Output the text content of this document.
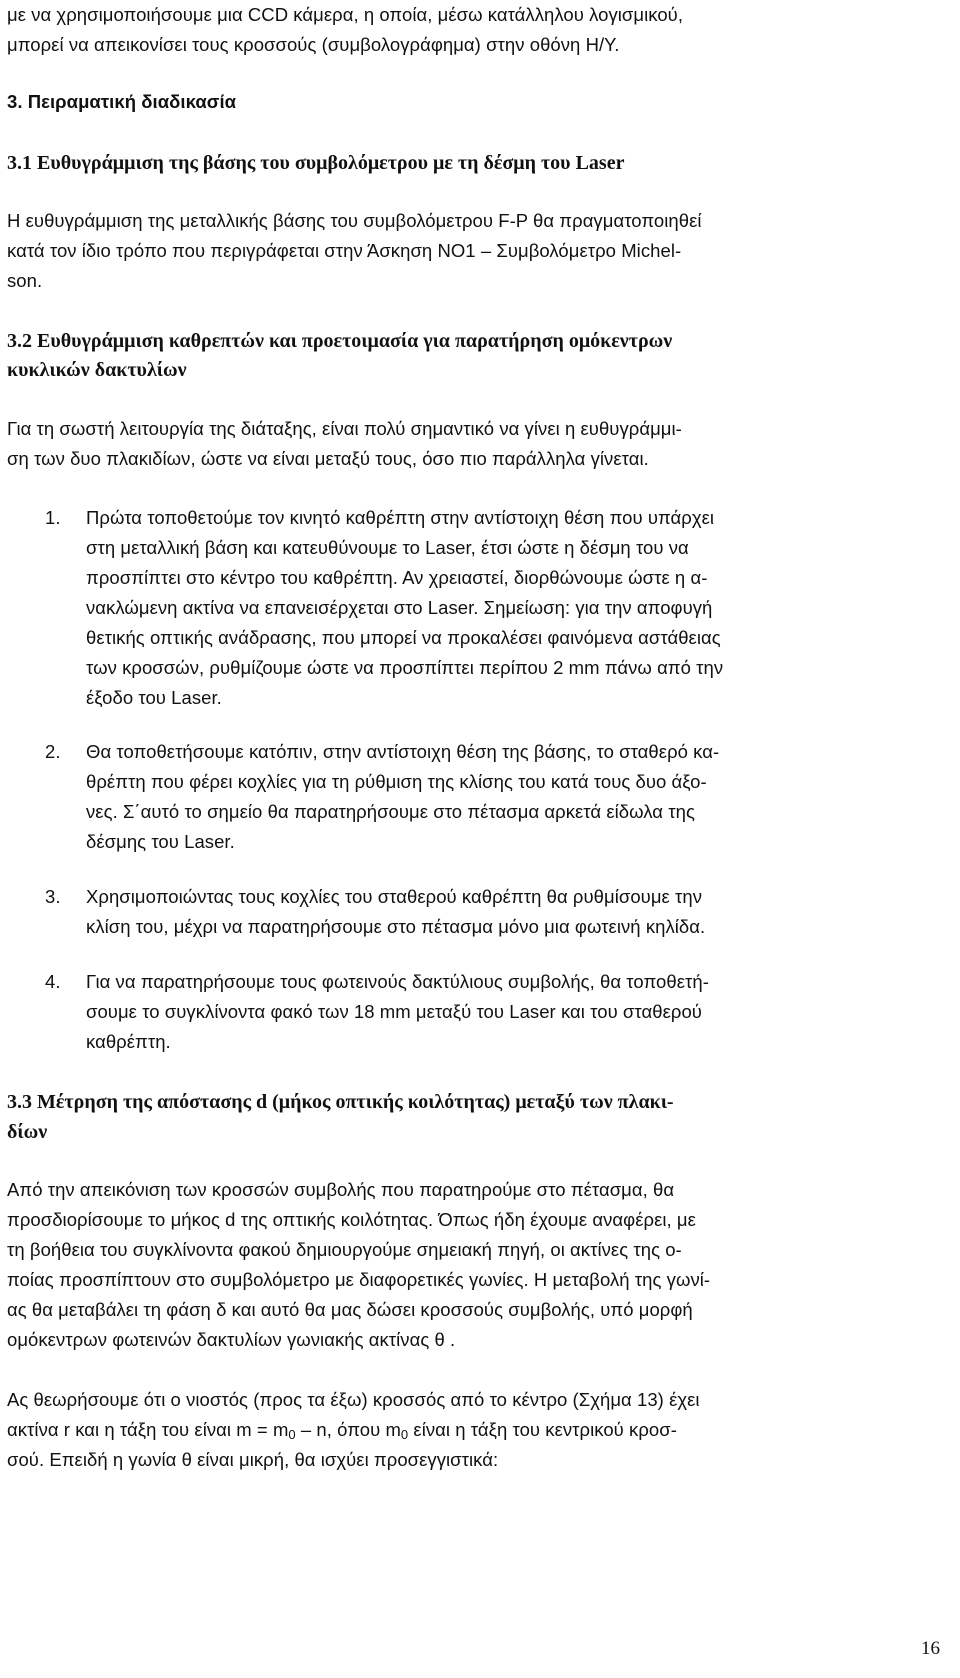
με να χρησιμοποιήσουμε μια CCD κάμερα, η οποία, μέσω κατάλληλου λογισμικού,
μπορεί να απεικονίσει τους κροσσούς (συμβολογράφημα) στην οθόνη Η/Υ.
3. Πειραματική διαδικασία
3.1 Ευθυγράμμιση της βάσης του συμβολόμετρου με τη δέσμη του Laser
Η ευθυγράμμιση της μεταλλικής βάσης του συμβολόμετρου F-P θα πραγματοποιηθεί
κατά τον ίδιο τρόπο που περιγράφεται στην Άσκηση ΝΟ1 – Συμβολόμετρο Michel-
son.
3.2 Ευθυγράμμιση καθρεπτών και προετοιμασία για παρατήρηση ομόκεντρων
κυκλικών δακτυλίων
Για τη σωστή λειτουργία της διάταξης, είναι πολύ σημαντικό να γίνει η ευθυγράμμι-
ση των δυο πλακιδίων, ώστε να είναι μεταξύ τους, όσο πιο παράλληλα γίνεται.
1. Πρώτα τοποθετούμε τον κινητό καθρέπτη στην αντίστοιχη θέση που υπάρχει
στη μεταλλική βάση και κατευθύνουμε το Laser, έτσι ώστε η δέσμη του να
προσπίπτει στο κέντρο του καθρέπτη. Αν χρειαστεί, διορθώνουμε ώστε η α-
νακλώμενη ακτίνα να επανεισέρχεται στο Laser. Σημείωση: για την αποφυγή
θετικής οπτικής ανάδρασης, που μπορεί να προκαλέσει φαινόμενα αστάθειας
των κροσσών, ρυθμίζουμε ώστε να προσπίπτει περίπου 2 mm πάνω από την
έξοδο του Laser.
2. Θα τοποθετήσουμε κατόπιν, στην αντίστοιχη θέση της βάσης, το σταθερό κα-
θρέπτη που φέρει κοχλίες για τη ρύθμιση της κλίσης του κατά τους δυο άξο-
νες. Σ΄αυτό το σημείο θα παρατηρήσουμε στο πέτασμα αρκετά είδωλα της
δέσμης του Laser.
3. Χρησιμοποιώντας τους κοχλίες του σταθερού καθρέπτη θα ρυθμίσουμε την
κλίση του, μέχρι να παρατηρήσουμε στο πέτασμα μόνο μια φωτεινή κηλίδα.
4. Για να παρατηρήσουμε τους φωτεινούς δακτύλιους συμβολής, θα τοποθετή-
σουμε το συγκλίνοντα φακό των 18 mm μεταξύ του Laser και του σταθερού
καθρέπτη.
3.3 Μέτρηση της απόστασης d (μήκος οπτικής κοιλότητας) μεταξύ των πλακι-
δίων
Από την απεικόνιση των κροσσών συμβολής που παρατηρούμε στο πέτασμα, θα
προσδιορίσουμε το μήκος d της οπτικής κοιλότητας. Όπως ήδη έχουμε αναφέρει, με
τη βοήθεια του συγκλίνοντα φακού δημιουργούμε σημειακή πηγή, οι ακτίνες της ο-
ποίας προσπίπτουν στο συμβολόμετρο με διαφορετικές γωνίες. Η μεταβολή της γωνί-
ας θα μεταβάλει τη φάση δ και αυτό θα μας δώσει κροσσούς συμβολής, υπό μορφή
ομόκεντρων φωτεινών δακτυλίων γωνιακής ακτίνας θ .
Ας θεωρήσουμε ότι ο νιοστός (προς τα έξω) κροσσός από το κέντρο (Σχήμα 13) έχει
ακτίνα r και η τάξη του είναι $m = m_0 - n$, όπου $m_0$ είναι η τάξη του κεντρικού κροσ-
σού. Επειδή η γωνία θ είναι μικρή, θα ισχύει προσεγγιστικά:
16
